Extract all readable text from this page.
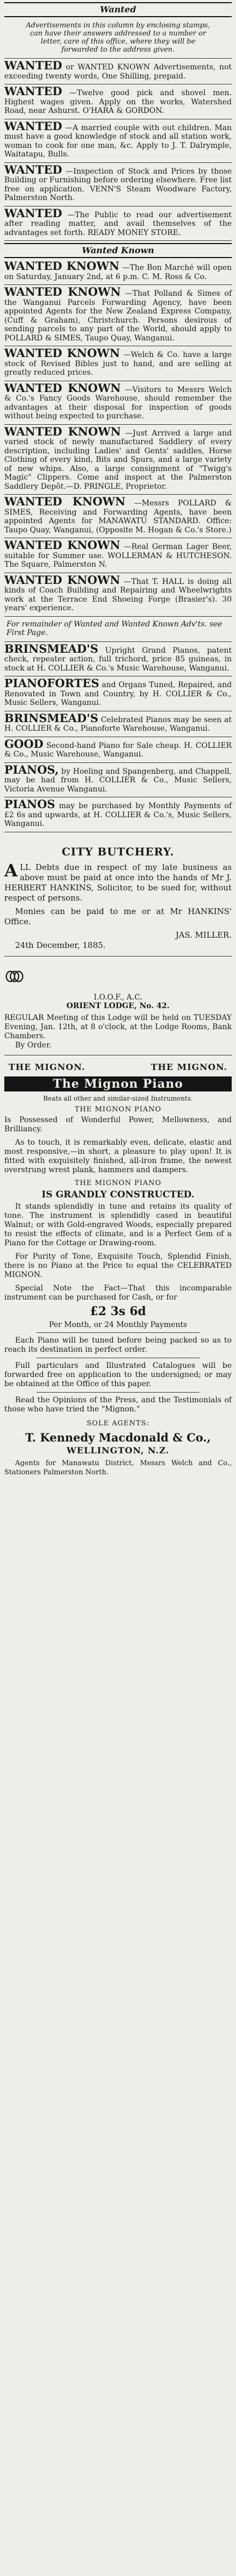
Wanted
Advertisements in this column by enclosing stamps, can have their answers addressed to a number or letter, care of this office, where they will be forwarded to the address given.
WANTED or WANTED KNOWN Advertisements, not exceeding twenty words, One Shilling, prepaid.
WANTED —Twelve good pick and shovel men. Highest wages given. Apply on the works, Watershed Road, near Ashurst. O'HARA & GORDON.
WANTED —A married couple with out children. Man must have a good knowledge of stock and all station work, woman to cook for one man, &c. Apply to J. T. Dalrymple, Waitatapu, Bulls.
WANTED —Inspection of Stock and Prices by those Building or Furnishing before ordering elsewhere. Free list free on application. VENN'S Steam Woodware Factory, Palmerston North.
WANTED —The Public to read our advertisement after reading matter, and avail themselves of the advantages set forth. READY MONEY STORE.
Wanted Known
WANTED KNOWN —The Bon Marché will open on Saturday, January 2nd, at 6 p.m. C. M. Ross & Co.
WANTED KNOWN —That Polland & Simes of the Wanganui Parcels Forwarding Agency, have been appointed Agents for the New Zealand Express Company, (Cuff & Graham), Christchurch. Persons desirous of sending parcels to any part of the World, should apply to POLLARD & SIMES, Taupo Quay, Wanganui.
WANTED KNOWN —Welch & Co. have a large stock of Revised Bibles just to hand, and are selling at greatly reduced prices.
WANTED KNOWN —Visitors to Messrs Welch & Co.'s Fancy Goods Warehouse, should remember the advantages at their disposal for inspection of goods without being expected to purchase.
WANTED KNOWN —Just Arrived a large and varied stock of newly manufactured Saddlery of every description, including Ladies' and Gents' saddles, Horse Clothing of every kind, Bits and Spurs, and a large variety of new whips. Also, a large consignment of "Twigg's Magic" Clippers. Come and inspect at the Palmerston Saddlery Depôt.—D. PRINGLE, Proprietor.
WANTED KNOWN —Messrs POLLARD & SIMES, Receiving and Forwarding Agents, have been appointed Agents for MANAWATU STANDARD. Office: Taupo Quay, Wanganui, (Opposite M. Hogan & Co.'s Store.)
WANTED KNOWN —Real German Lager Beer, suitable for Summer use. WOLLERMAN & HUTCHESON. The Square, Palmerston N.
WANTED KNOWN —That T. HALL is doing all kinds of Coach Building and Repairing and Wheelwrights work at the Terrace End Shoeing Forge (Brasier's). 30 years' experience.
For remainder of Wanted and Wanted Known Adv'ts. see First Page.
BRINSMEAD'S Upright Grand Pianos, patent check, repeater action, full trichord, price 85 guineas, in stock at H. COLLIER & Co.'s Music Warehouse, Wanganui.
PIANOFORTES and Organs Tuned, Repaired, and Renovated in Town and Country, by H. COLLIER & Co., Music Sellers, Wanganui.
BRINSMEAD'S Celebrated Pianos may be seen at H. COLLIER & Co., Pianoforte Warehouse, Wanganui.
GOOD Second-hand Piano for Sale cheap. H. COLLIER & Co., Music Warehouse, Wanganui.
PIANOS, by Hoeling and Spangenberg, and Chappell, may be had from H. COLLIER & Co., Music Sellers, Victoria Avenue Wanganui.
PIANOS may be purchased by Monthly Payments of £2 6s and upwards, at H. COLLIER & Co.'s, Music Sellers, Wanganui.
CITY BUTCHERY.
ALL Debts due in respect of my late business as above must be paid at once into the hands of Mr J. HERBERT HANKINS, Solicitor, to be sued for, without respect of persons.
Monies can be paid to me or at Mr HANKINS' Office.
JAS. MILLER.
24th December, 1885.
I.O.O.F., A.C.
ORIENT LODGE, No. 42.
REGULAR Meeting of this Lodge will be held on TUESDAY Evening, Jan. 12th, at 8 o'clock, at the Lodge Rooms, Bank Chambers.
By Order.
THE MIGNON.	THE MIGNON.
The Mignon Piano
Beats all other and similar-sized Instruments.
THE MIGNON PIANO
Is Possessed of Wonderful Power, Mellowness, and Brilliancy.
As to touch, it is remarkably even, delicate, elastic and most responsive,—in short, a pleasure to play upon! It is fitted with exquisitely finished, all-iron frame, the newest overstrung wrest plank, hammers and dampers.
THE MIGNON PIANO
IS GRANDLY CONSTRUCTED.
It stands splendidly in tune and retains its quality of tone. The instrument is splendidly cased in beautiful Walnut; or with Gold-engraved Woods, especially prepared to resist the effects of climate, and is a Perfect Gem of a Piano for the Cottage or Drawing-room.
For Purity of Tone, Exquisite Touch, Splendid Finish, there is no Piano at the Price to equal the CELEBRATED MIGNON.
Special Note the Fact—That this incomparable instrument can be purchased for Cash, or for
£2 3s 6d
Per Month, or 24 Monthly Payments
Each Piano will be tuned before being packed so as to reach its destination in perfect order.
Full particulars and Illustrated Catalogues will be forwarded free on application to the undersigned; or may be obtained at the Office of this paper.
Read the Opinions of the Press, and the Testimonials of those who have tried the "Mignon."
SOLE AGENTS:
T. Kennedy Macdonald & Co.,
WELLINGTON, N.Z.
Agents for Manawatu District, Messrs Welch and Co., Stationers Palmerston North.
